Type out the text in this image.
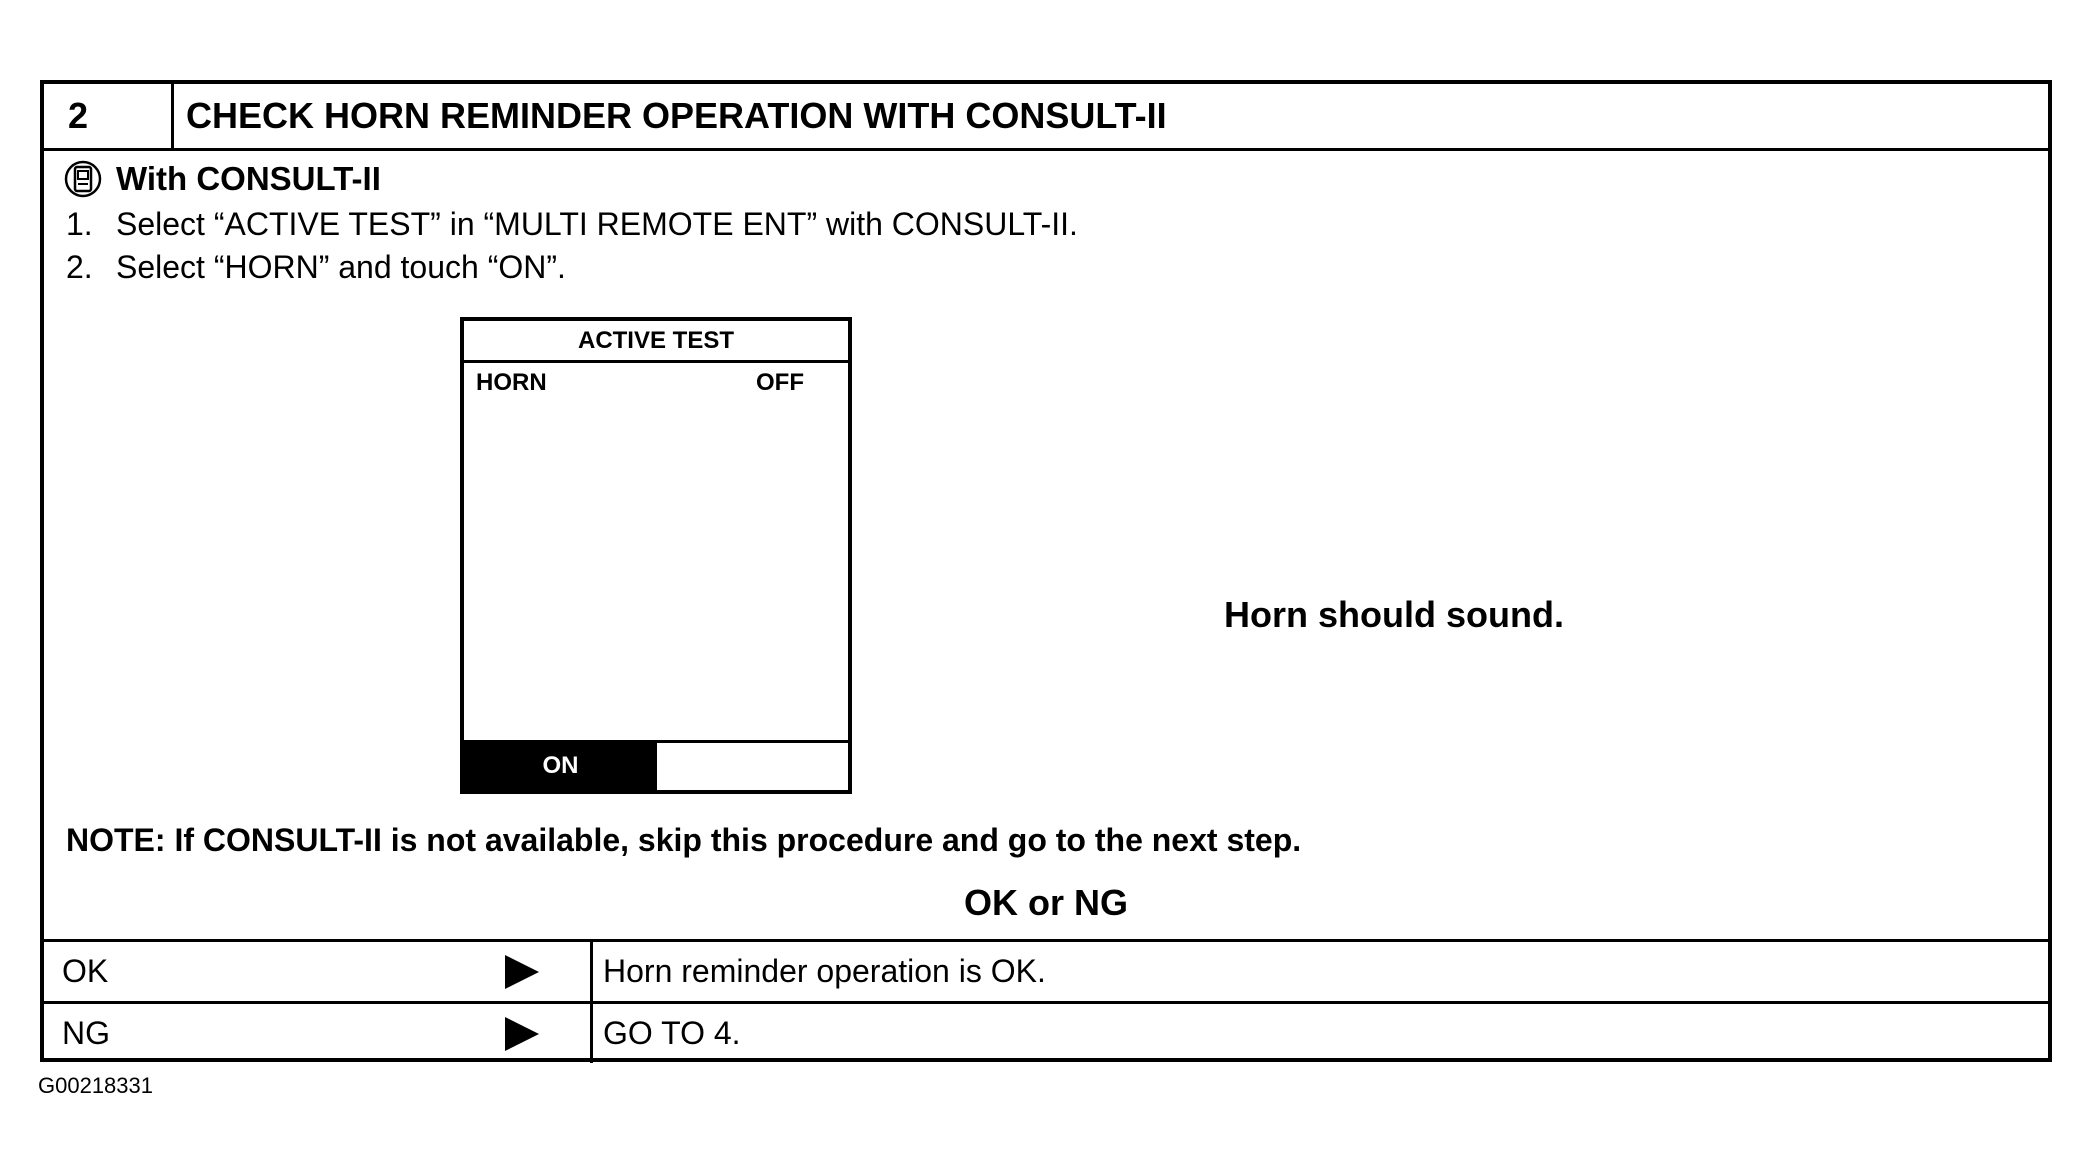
2	CHECK HORN REMINDER OPERATION WITH CONSULT-II
With CONSULT-II
1. Select “ACTIVE TEST” in “MULTI REMOTE ENT” with CONSULT-II.
2. Select “HORN” and touch “ON”.
ACTIVE TEST
HORN	OFF
ON
Horn should sound.
NOTE: If CONSULT-II is not available, skip this procedure and go to the next step.
OK or NG
OK	Horn reminder operation is OK.
NG	GO TO 4.
G00218331
